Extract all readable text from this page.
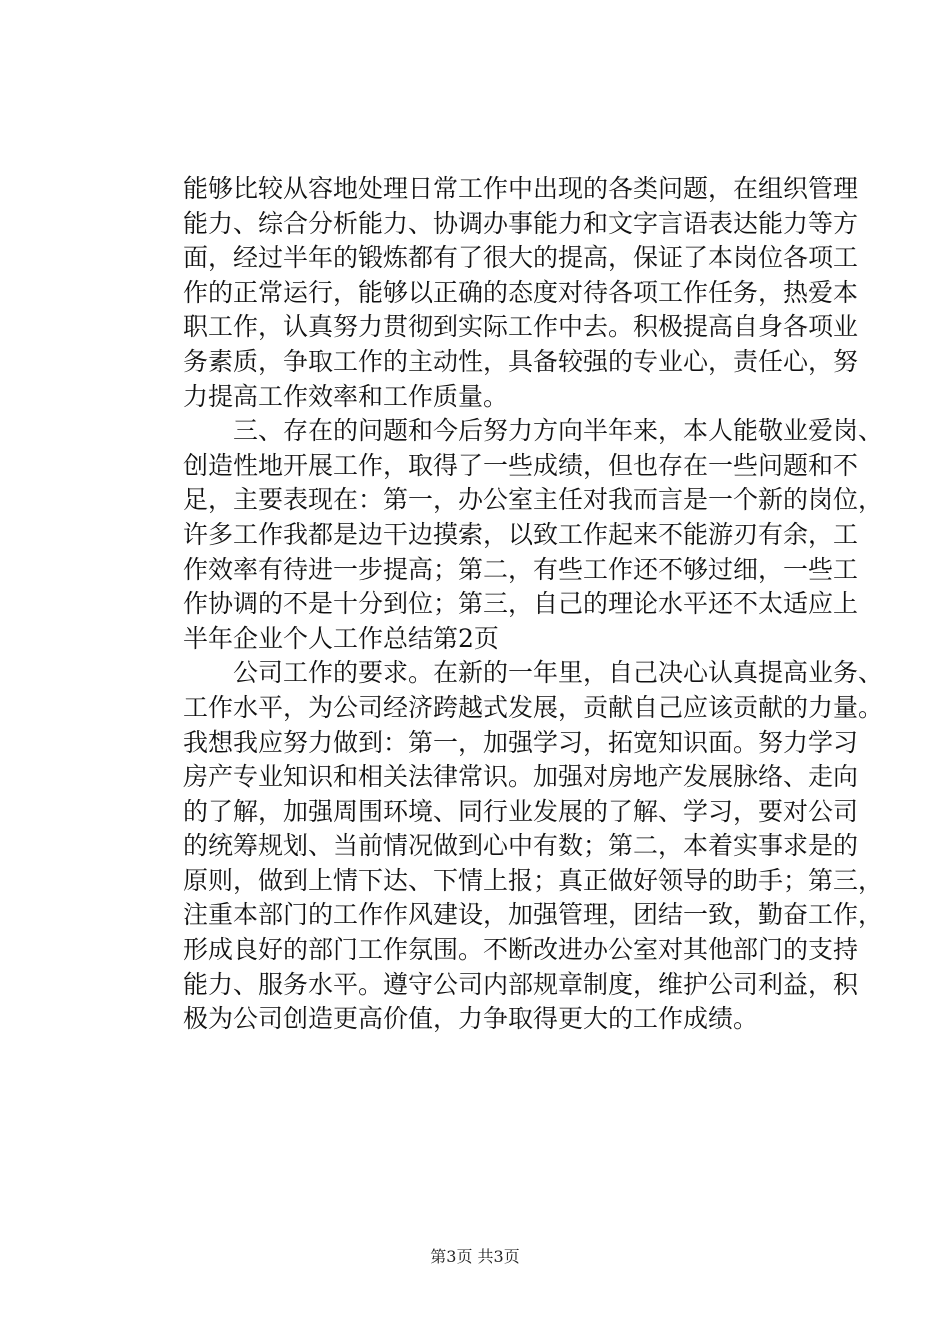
能够比较从容地处理日常工作中出现的各类问题，在组织管理
能力、综合分析能力、协调办事能力和文字言语表达能力等方
面，经过半年的锻炼都有了很大的提高，保证了本岗位各项工
作的正常运行，能够以正确的态度对待各项工作任务，热爱本
职工作，认真努力贯彻到实际工作中去。积极提高自身各项业
务素质，争取工作的主动性，具备较强的专业心，责任心，努
力提高工作效率和工作质量。
　　三、存在的问题和今后努力方向半年来，本人能敬业爱岗、
创造性地开展工作，取得了一些成绩，但也存在一些问题和不
足，主要表现在：第一，办公室主任对我而言是一个新的岗位，
许多工作我都是边干边摸索，以致工作起来不能游刃有余，工
作效率有待进一步提高；第二，有些工作还不够过细，一些工
作协调的不是十分到位；第三，自己的理论水平还不太适应上
半年企业个人工作总结第2页
　　公司工作的要求。在新的一年里，自己决心认真提高业务、
工作水平，为公司经济跨越式发展，贡献自己应该贡献的力量。
我想我应努力做到：第一，加强学习，拓宽知识面。努力学习
房产专业知识和相关法律常识。加强对房地产发展脉络、走向
的了解，加强周围环境、同行业发展的了解、学习，要对公司
的统筹规划、当前情况做到心中有数；第二，本着实事求是的
原则，做到上情下达、下情上报；真正做好领导的助手；第三，
注重本部门的工作作风建设，加强管理，团结一致，勤奋工作，
形成良好的部门工作氛围。不断改进办公室对其他部门的支持
能力、服务水平。遵守公司内部规章制度，维护公司利益，积
极为公司创造更高价值，力争取得更大的工作成绩。
第3页 共3页
